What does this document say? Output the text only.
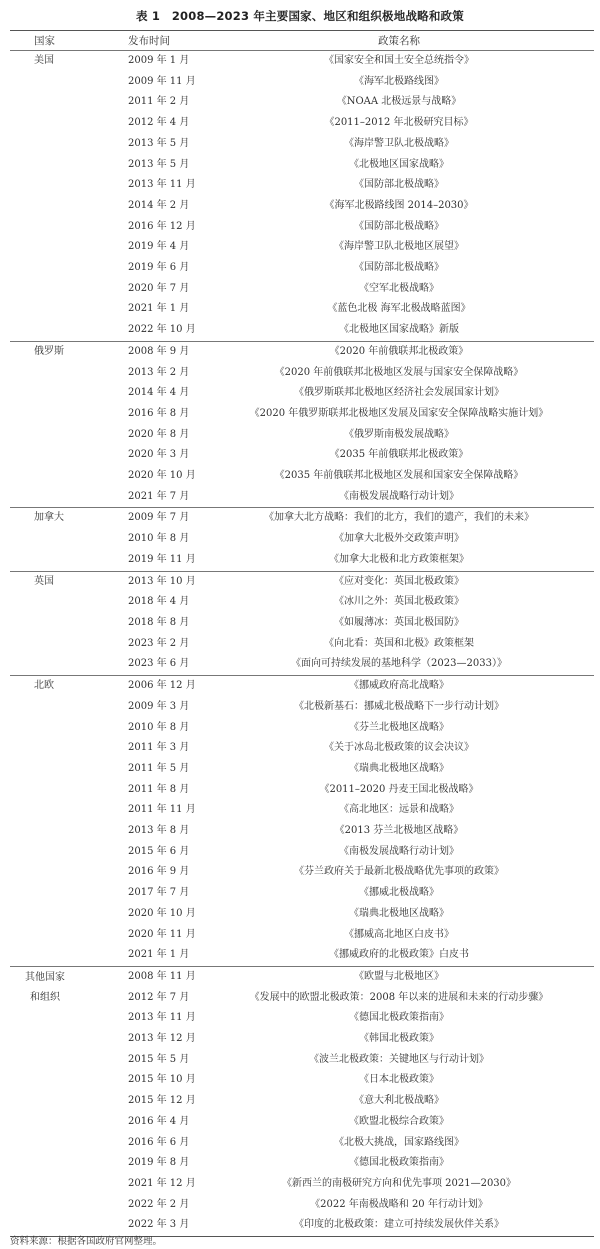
表 1　2008—2023 年主要国家、地区和组织极地战略和政策
国家	发布时间	政策名称
美国	2009 年 1 月	《国家安全和国土安全总统指令》
	2009 年 11 月	《海军北极路线图》
	2011 年 2 月	《NOAA 北极远景与战略》
	2012 年 4 月	《2011–2012 年北极研究目标》
	2013 年 5 月	《海岸警卫队北极战略》
	2013 年 5 月	《北极地区国家战略》
	2013 年 11 月	《国防部北极战略》
	2014 年 2 月	《海军北极路线图 2014–2030》
	2016 年 12 月	《国防部北极战略》
	2019 年 4 月	《海岸警卫队北极地区展望》
	2019 年 6 月	《国防部北极战略》
	2020 年 7 月	《空军北极战略》
	2021 年 1 月	《蓝色北极 海军北极战略蓝图》
	2022 年 10 月	《北极地区国家战略》新版
俄罗斯	2008 年 9 月	《2020 年前俄联邦北极政策》
	2013 年 2 月	《2020 年前俄联邦北极地区发展与国家安全保障战略》
	2014 年 4 月	《俄罗斯联邦北极地区经济社会发展国家计划》
	2016 年 8 月	《2020 年俄罗斯联邦北极地区发展及国家安全保障战略实施计划》
	2020 年 8 月	《俄罗斯南极发展战略》
	2020 年 3 月	《2035 年前俄联邦北极政策》
	2020 年 10 月	《2035 年前俄联邦北极地区发展和国家安全保障战略》
	2021 年 7 月	《南极发展战略行动计划》
加拿大	2009 年 7 月	《加拿大北方战略：我们的北方，我们的遗产，我们的未来》
	2010 年 8 月	《加拿大北极外交政策声明》
	2019 年 11 月	《加拿大北极和北方政策框架》
英国	2013 年 10 月	《应对变化：英国北极政策》
	2018 年 4 月	《冰川之外：英国北极政策》
	2018 年 8 月	《如履薄冰：英国北极国防》
	2023 年 2 月	《向北看：英国和北极》政策框架
	2023 年 6 月	《面向可持续发展的基地科学（2023—2033）》
北欧	2006 年 12 月	《挪威政府高北战略》
	2009 年 3 月	《北极新基石：挪威北极战略下一步行动计划》
	2010 年 8 月	《芬兰北极地区战略》
	2011 年 3 月	《关于冰岛北极政策的议会决议》
	2011 年 5 月	《瑞典北极地区战略》
	2011 年 8 月	《2011–2020 丹麦王国北极战略》
	2011 年 11 月	《高北地区：远景和战略》
	2013 年 8 月	《2013 芬兰北极地区战略》
	2015 年 6 月	《南极发展战略行动计划》
	2016 年 9 月	《芬兰政府关于最新北极战略优先事项的政策》
	2017 年 7 月	《挪威北极战略》
	2020 年 10 月	《瑞典北极地区战略》
	2020 年 11 月	《挪威高北地区白皮书》
	2021 年 1 月	《挪威政府的北极政策》白皮书

其他国家
和组织	2008 年 11 月	《欧盟与北极地区》
	2012 年 7 月	《发展中的欧盟北极政策：2008 年以来的进展和未来的行动步骤》
	2013 年 11 月	《德国北极政策指南》
	2013 年 12 月	《韩国北极政策》
	2015 年 5 月	《波兰北极政策：关键地区与行动计划》
	2015 年 10 月	《日本北极政策》
	2015 年 12 月	《意大利北极战略》
	2016 年 4 月	《欧盟北极综合政策》
	2016 年 6 月	《北极大挑战，国家路线图》
	2019 年 8 月	《德国北极政策指南》
	2021 年 12 月	《新西兰的南极研究方向和优先事项 2021—2030》
	2022 年 2 月	《2022 年南极战略和 20 年行动计划》
	2022 年 3 月	《印度的北极政策：建立可持续发展伙伴关系》
资料来源：根据各国政府官网整理。
